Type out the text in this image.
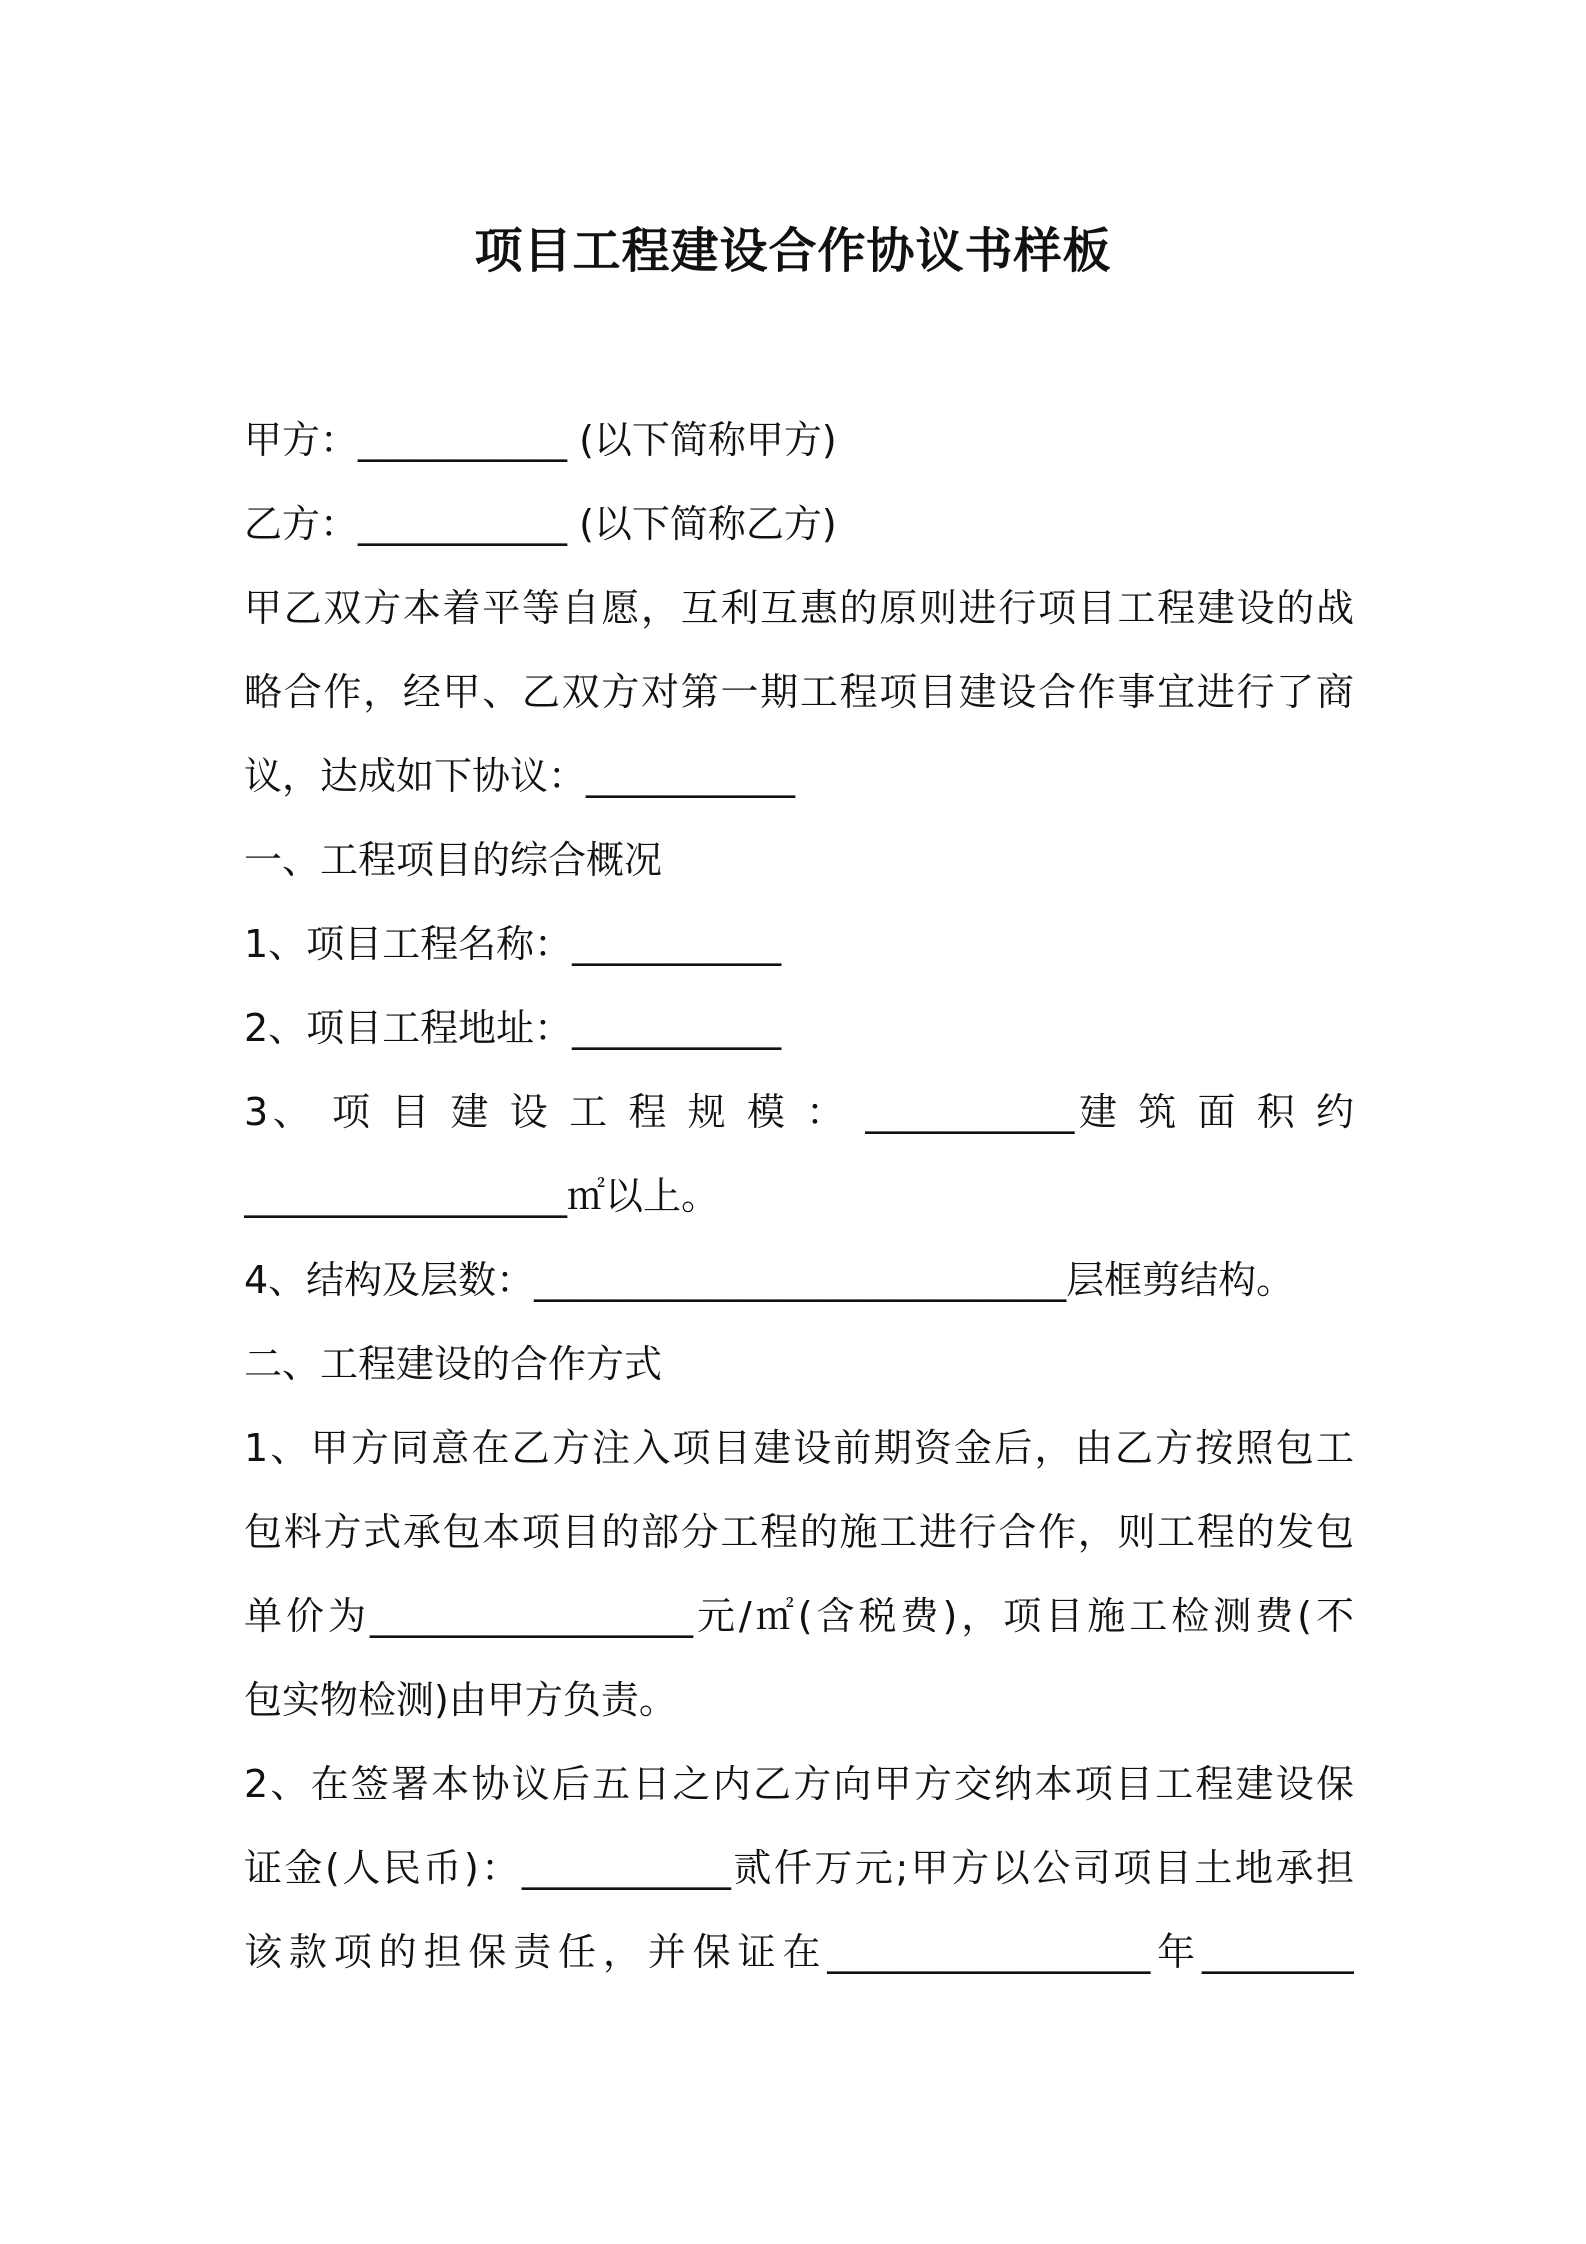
项目工程建设合作协议书样板
甲方：___________ (以下简称甲方)
乙方：___________ (以下简称乙方)
甲乙双方本着平等自愿，互利互惠的原则进行项目工程建设的战
略合作，经甲、乙双方对第一期工程项目建设合作事宜进行了商
议，达成如下协议：___________
一、工程项目的综合概况
1、项目工程名称：___________
2、项目工程地址：___________
3、 项 目 建 设 工 程 规 模 ： ___________建 筑 面 积 约
_________________㎡以上。
4、结构及层数：____________________________层框剪结构。
二、工程建设的合作方式
1、甲方同意在乙方注入项目建设前期资金后，由乙方按照包工
包料方式承包本项目的部分工程的施工进行合作，则工程的发包
单价为_________________元/㎡(含税费)，项目施工检测费(不
包实物检测)由甲方负责。
2、在签署本协议后五日之内乙方向甲方交纳本项目工程建设保
证金(人民币)：___________贰仟万元;甲方以公司项目土地承担
该款项的担保责任，并保证在_________________年________
